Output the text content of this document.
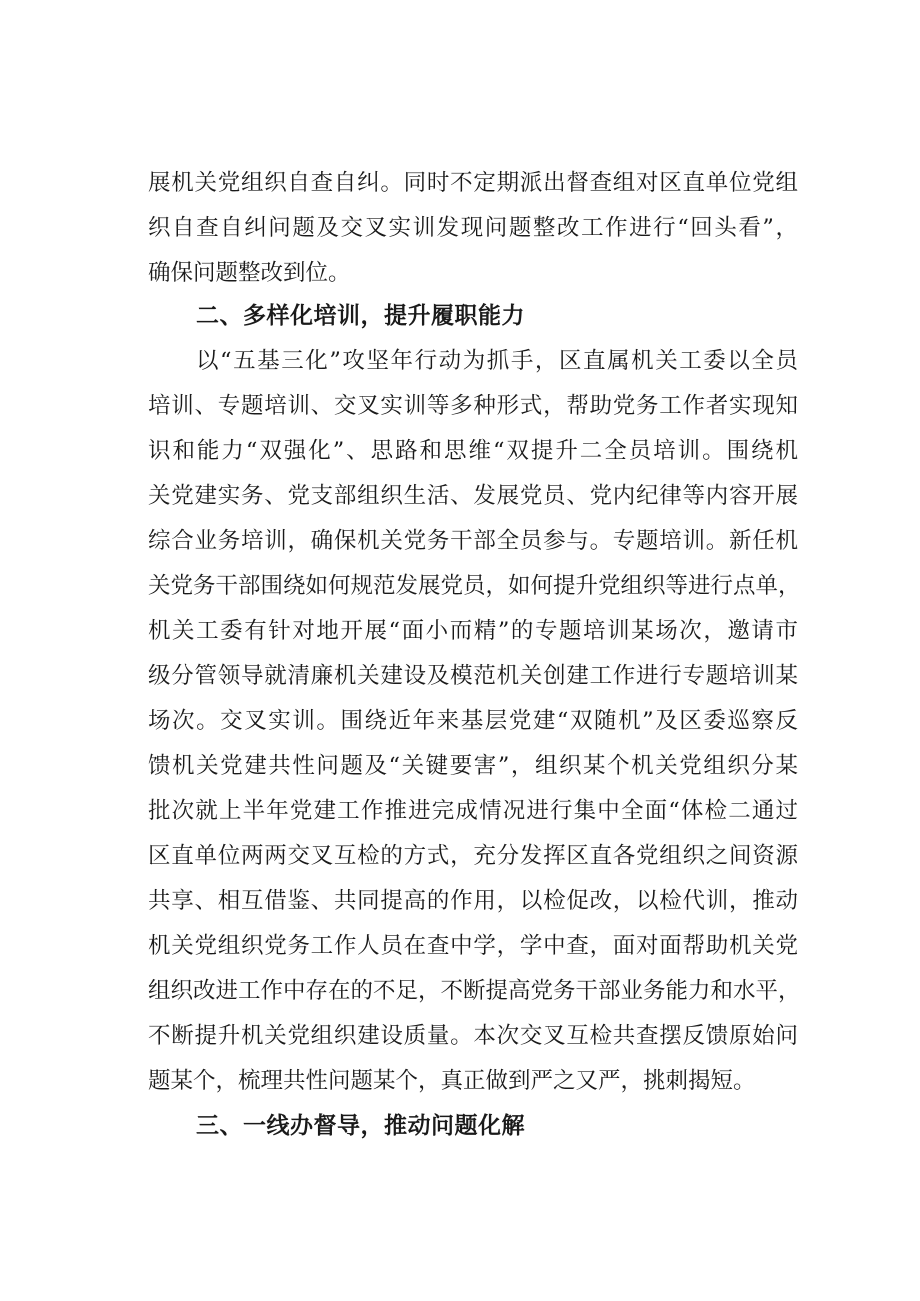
展机关党组织自查自纠。同时不定期派出督查组对区直单位党组
织自查自纠问题及交叉实训发现问题整改工作进行“回头看”，
确保问题整改到位。
二、多样化培训，提升履职能力
以“五基三化”攻坚年行动为抓手，区直属机关工委以全员
培训、专题培训、交叉实训等多种形式，帮助党务工作者实现知
识和能力“双强化”、思路和思维“双提升二全员培训。围绕机
关党建实务、党支部组织生活、发展党员、党内纪律等内容开展
综合业务培训，确保机关党务干部全员参与。专题培训。新任机
关党务干部围绕如何规范发展党员，如何提升党组织等进行点单，
机关工委有针对地开展“面小而精”的专题培训某场次，邀请市
级分管领导就清廉机关建设及模范机关创建工作进行专题培训某
场次。交叉实训。围绕近年来基层党建“双随机”及区委巡察反
馈机关党建共性问题及“关键要害”，组织某个机关党组织分某
批次就上半年党建工作推进完成情况进行集中全面“体检二通过
区直单位两两交叉互检的方式，充分发挥区直各党组织之间资源
共享、相互借鉴、共同提高的作用，以检促改，以检代训，推动
机关党组织党务工作人员在查中学，学中查，面对面帮助机关党
组织改进工作中存在的不足，不断提高党务干部业务能力和水平，
不断提升机关党组织建设质量。本次交叉互检共查摆反馈原始问
题某个，梳理共性问题某个，真正做到严之又严，挑刺揭短。
三、一线办督导，推动问题化解
